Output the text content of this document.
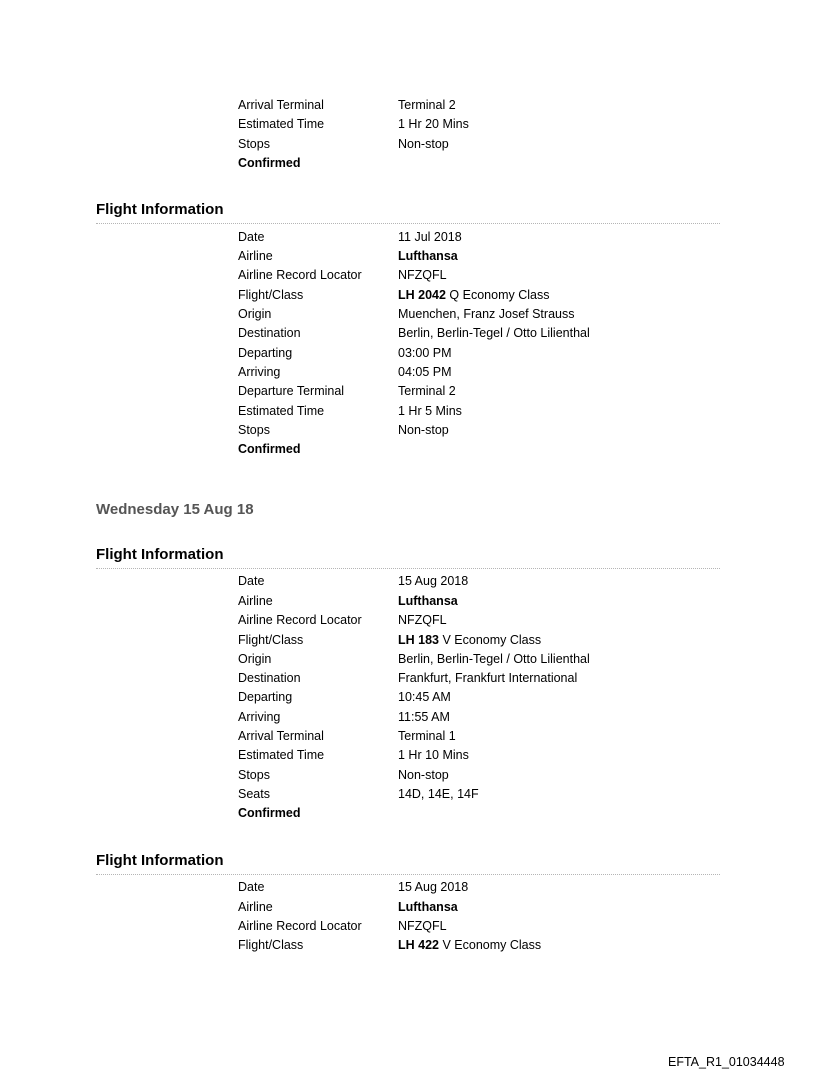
Arrival Terminal	Terminal 2
Estimated Time	1 Hr 20 Mins
Stops	Non-stop
Confirmed
Flight Information
Date	11 Jul 2018
Airline	Lufthansa
Airline Record Locator	NFZQFL
Flight/Class	LH 2042 Q Economy Class
Origin	Muenchen, Franz Josef Strauss
Destination	Berlin, Berlin-Tegel / Otto Lilienthal
Departing	03:00 PM
Arriving	04:05 PM
Departure Terminal	Terminal 2
Estimated Time	1 Hr 5 Mins
Stops	Non-stop
Confirmed
Wednesday 15 Aug 18
Flight Information
Date	15 Aug 2018
Airline	Lufthansa
Airline Record Locator	NFZQFL
Flight/Class	LH 183 V Economy Class
Origin	Berlin, Berlin-Tegel / Otto Lilienthal
Destination	Frankfurt, Frankfurt International
Departing	10:45 AM
Arriving	11:55 AM
Arrival Terminal	Terminal 1
Estimated Time	1 Hr 10 Mins
Stops	Non-stop
Seats	14D, 14E, 14F
Confirmed
Flight Information
Date	15 Aug 2018
Airline	Lufthansa
Airline Record Locator	NFZQFL
Flight/Class	LH 422 V Economy Class
EFTA_R1_01034448
